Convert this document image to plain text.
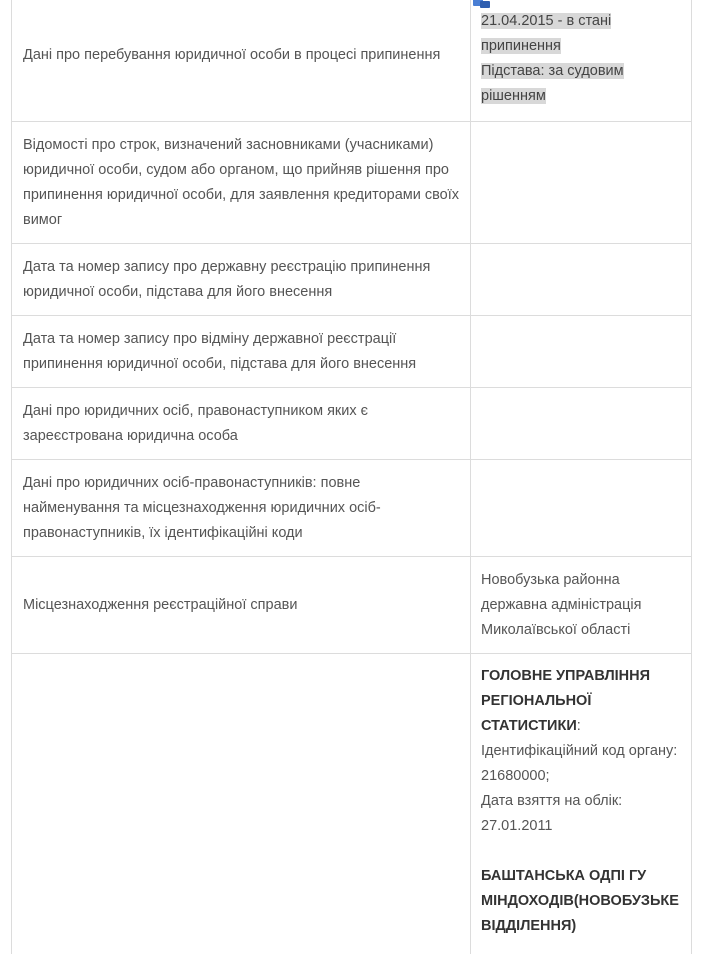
Дані про перебування юридичної особи в процесі припинення
21.04.2015 - в стані
припинення
Підстава: за судовим
рішенням
Відомості про строк, визначений засновниками (учасниками) юридичної особи, судом або органом, що прийняв рішення про припинення юридичної особи, для заявлення кредиторами своїх вимог
Дата та номер запису про державну реєстрацію припинення юридичної особи, підстава для його внесення
Дата та номер запису про відміну державної реєстрації припинення юридичної особи, підстава для його внесення
Дані про юридичних осіб, правонаступником яких є зареєстрована юридична особа
Дані про юридичних осіб-правонаступників: повне найменування та місцезнаходження юридичних осіб-правонаступників, їх ідентифікаційні коди
Місцезнаходження реєстраційної справи
Новобузька районна державна адміністрація Миколаївської області
ГОЛОВНЕ УПРАВЛІННЯ РЕГІОНАЛЬНОЇ СТАТИСТИКИ:
Ідентифікаційний код органу:
21680000;
Дата взяття на облік:
27.01.2011
БАШТАНСЬКА ОДПІ ГУ МІНДОХОДІВ(НОВОБУЗЬКЕ ВІДДІЛЕННЯ)
